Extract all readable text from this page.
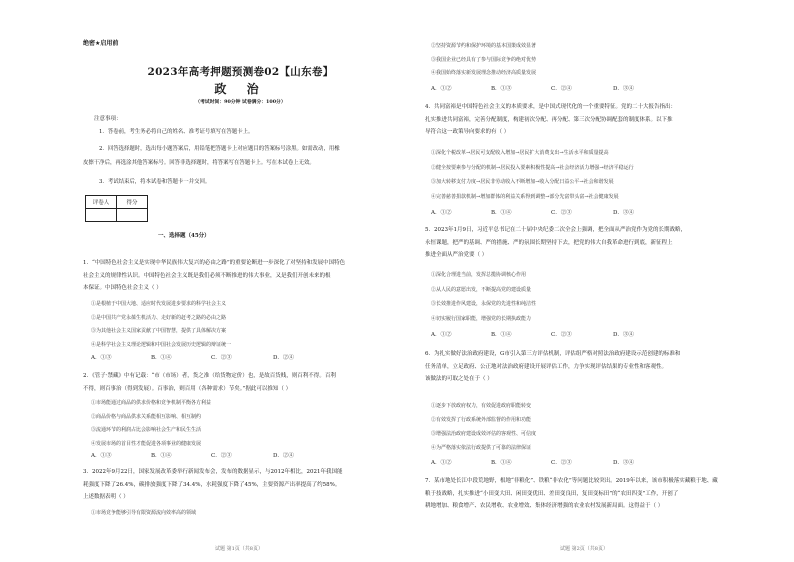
绝密★启用前
2023年高考押题预测卷02【山东卷】
政 治
（考试时间：90分钟 试卷满分：100分）
注意事项：
1．答卷前，考生务必将自己的姓名、准考证号填写在答题卡上。
2．回答选择题时，选出每小题答案后，用铅笔把答题卡上对应题目的答案标号涂黑。如需改动，用橡
皮擦干净后，再选涂其他答案标号。回答非选择题时，将答案写在答题卡上。写在本试卷上无效。
3．考试结束后，将本试卷和答题卡一并交回。
评卷人	得分

一、选择题（45分）
1．“中国特色社会主义是实现中华民族伟大复兴的必由之路”的重要论断进一步深化了对坚持和发展中国特色
社会主义的规律性认识。中国特色社会主义既是我们必须不断推进的伟大事业，又是我们开创未来的根
本保证。中国特色社会主义（ ）
①是根植于中国大地、适应时代发展进步要求的科学社会主义
②是中国共产党永葆生机活力、走好新的赶考之路的必由之路
③为其他社会主义国家贡献了中国智慧，提供了具体解决方案
④是科学社会主义理论逻辑和中国社会发展历史逻辑的辩证统一
A．①③	B．①④	C．②③	D．②④
2．《管子·禁藏》中有记载：“市（市场）者，货之准（给货物定价）也，是故百货贱，则百利不得。百利
不得，则百事治（得到发展）。百事治，则百用（各种需求）节矣。”据此可以推知（ ）
①市场能通过商品的供求价格和竞争机制平衡各方利益
②商品价格与商品供求关系能相互影响、相互制约
③流通环节的利润占比会影响社会生产和民生生活
④发展市场的首目性才能促进各项事业的健康发展
A．①③	B．①④	C．②③	D．②④
3．2022年9月22日，国家发展改革委举行新闻发布会，发布的数据显示，与2012年相比，2021年我国能
耗强度下降了26.4%，碳排放强度下降了34.4%，水耗强度下降了45%，主要资源产出率提高了约58%。
上述数据表明（ ）
①市场竞争能够引导有限资源流向效率高的领域
②坚持资源节约和保护环境的基本国策成效显著
③我国企业已经具有了参与国际竞争的绝对优势
④我国始终落实新发展理念推动经济高质量发展
A．①②	B．①③	C．②④	D．③④
4．共同富裕是中国特色社会主义的本质要求，是中国式现代化的一个重要特征。党的二十大报告指出：
扎实推进共同富裕，完善分配制度，构建初次分配、再分配、第三次分配协调配套的制度体系。以下推
导符合这一政策导向要求的有（ ）
①深化个税改革→居民可支配收入增加→居民扩大消费支出→生活水平和质量提高
②健全按要素参与分配的机制→居民投入要素积极性提高→社会经济活力增强→经济平稳运行
③加大转移支付力度→居民非劳动收入不断增加→收入分配日益公平→社会和谐发展
④完善慈善捐款机制→增加群体的利益关系得到调整→部分先富带头富→社会健康发展
A．①②	B．①④	C．②③	D．③④
5．2023年1月9日，习近平总书记在二十届中央纪委二次全会上强调，把全面从严治党作为党的长期战略，
永恒课题，把严的基调、严的措施、严的氛围长期坚持下去，把党的伟大自我革命进行到底，新征程上
推进全面从严治党要（ ）
①深化合理进当前，发挥总揽协调核心作用
②从人民的意愿出发，不断提高党的建设质量
③长效推进作风建设，永保党的先进性和纯洁性
④切实履行国家职能，增强党的长期执政能力
A．①②	B．①④	C．②③	D．③④
6．为扎实做好法治政府建设，G市引入第三方评估机制，评估组严格对照法治政府建设示范创建的标准和
任务清单，立足政府、公正地对法治政府建设开展评估工作，力争实现评估结果的专业性和客观性。
该做法的可取之处在于（ ）
①逐步下放政府权力，有效促进政府职能转变
②有效发挥了行政系统外部监督的作用和功能
③增强法治政府建设成效评估的客观性、可信度
④为严格落实依法行政提供了可靠的法律保证
A．①②	B．①④	C．②③	D．③④
7．某市地处长江中段荒地野，根地“非粮化”、铁粮“非农化”等问题比较突出。2019年以来，该市积极落实藏粮于地、藏
粮于技战略，扎实推进“小田变大田、闲田变优田、差田变良田，复田变标田”的“农田四变”工作，开创了
耕地增加、粮食增产、农民增收、农业增效、集体经济增强的农业农村发展新局面。这得益于（ ）
试题 第1页（共8页）	试题 第2页（共8页）
